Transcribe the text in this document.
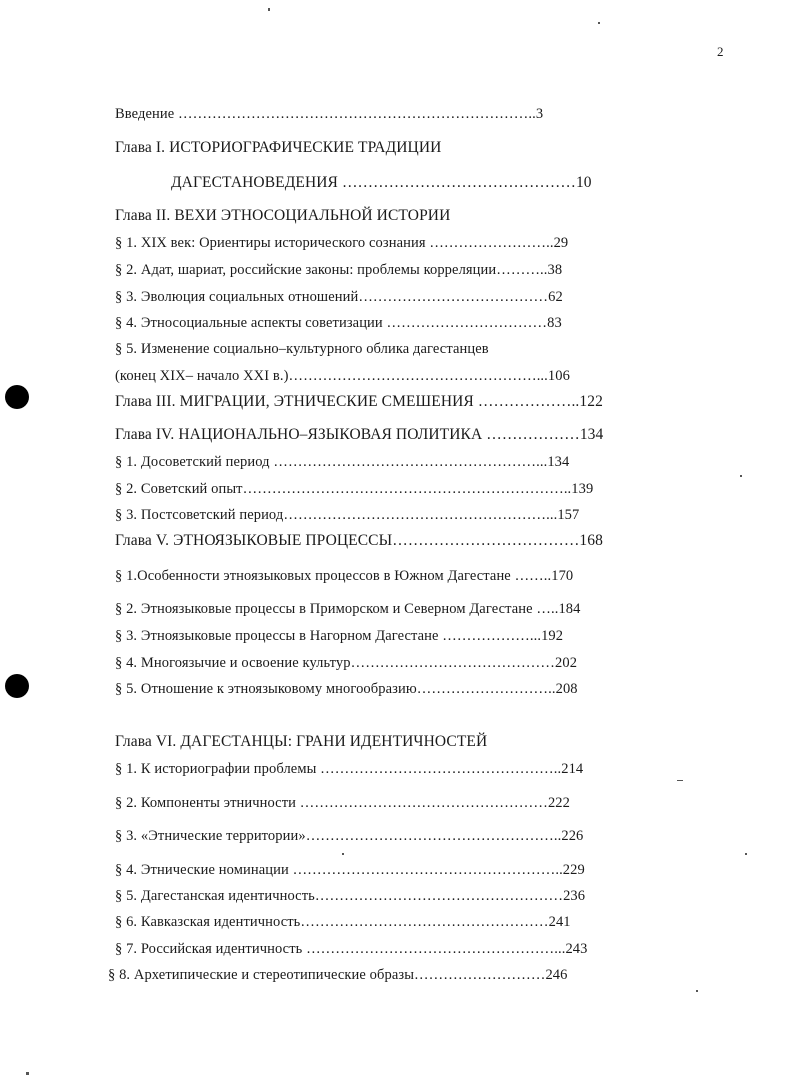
2
Введение ………………………………………………………………..3
Глава I. ИСТОРИОГРАФИЧЕСКИЕ ТРАДИЦИИ
ДАГЕСТАНОВЕДЕНИЯ ………………………………………10
Глава II. ВЕХИ ЭТНОСОЦИАЛЬНОЙ ИСТОРИИ
§ 1. XIX век: Ориентиры исторического сознания ……………………..29
§ 2. Адат, шариат, российские законы: проблемы корреляции………..38
§ 3. Эволюция социальных отношений…………………………………62
§ 4. Этносоциальные аспекты советизации ……………………………83
§ 5. Изменение социально–культурного облика дагестанцев
(конец XIX– начало XXI в.)……………………………………………...106
Глава III. МИГРАЦИИ, ЭТНИЧЕСКИЕ СМЕШЕНИЯ ………………..122
Глава IV. НАЦИОНАЛЬНО–ЯЗЫКОВАЯ ПОЛИТИКА ………………134
§ 1. Досоветский период ………………………………………………...134
§ 2. Советский опыт…………………………………………………………..139
§ 3. Постсоветский период………………………………………………...157
Глава V. ЭТНОЯЗЫКОВЫЕ ПРОЦЕССЫ………………………………168
§ 1.Особенности этноязыковых процессов в Южном Дагестане ……..170
§ 2. Этноязыковые процессы в Приморском и Северном Дагестане …..184
§ 3. Этноязыковые процессы в Нагорном Дагестане ………………...192
§ 4. Многоязычие и освоение культур……………………………………202
§ 5. Отношение к этноязыковому многообразию………………………..208
Глава VI. ДАГЕСТАНЦЫ: ГРАНИ ИДЕНТИЧНОСТЕЙ
§ 1. К историографии проблемы …………………………………………..214
§ 2. Компоненты этничности ……………………………………………222
§ 3. «Этнические территории»……………………………………………..226
§ 4. Этнические номинации ………………………………………………..229
§ 5. Дагестанская идентичность……………………………………………236
§ 6. Кавказская идентичность……………………………………………241
§ 7. Российская идентичность ……………………………………………...243
§ 8. Архетипические и стереотипические образы………………………246
